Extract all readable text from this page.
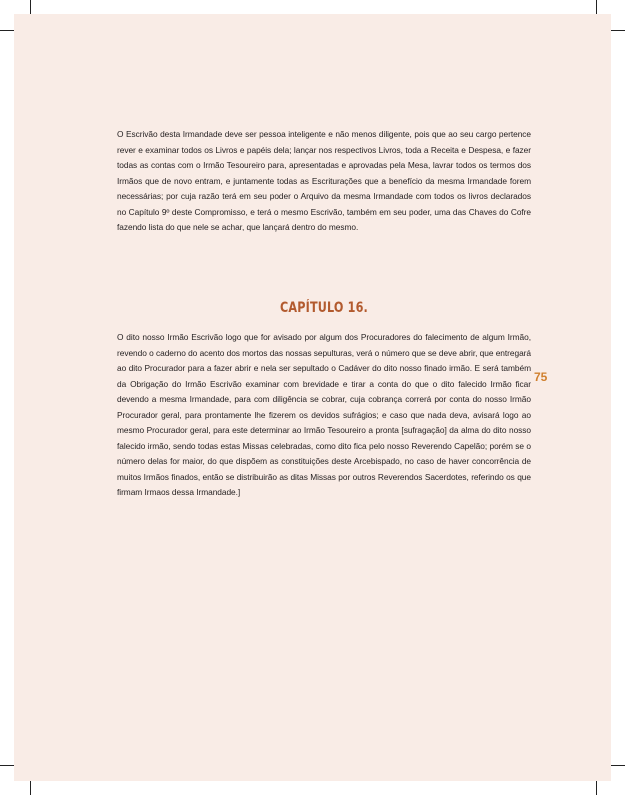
O Escrivão desta Irmandade deve ser pessoa inteligente e não menos diligente, pois que ao seu cargo pertence rever e examinar todos os Livros e papéis dela; lançar nos respectivos Livros, toda a Receita e Despesa, e fazer todas as contas com o Irmão Tesoureiro para, apresentadas e aprovadas pela Mesa, lavrar todos os termos dos Irmãos que de novo entram, e juntamente todas as Escriturações que a benefício da mesma Irmandade forem necessárias; por cuja razão terá em seu poder o Arquivo da mesma Irmandade com todos os livros declarados no Capítulo 9º deste Compromisso, e terá o mesmo Escrivão, também em seu poder, uma das Chaves do Cofre fazendo lista do que nele se achar, que lançará dentro do mesmo.

CAPÍTULO 16.

O dito nosso Irmão Escrivão logo que for avisado por algum dos Procuradores do falecimento de algum Irmão, revendo o caderno do acento dos mortos das nossas sepulturas, verá o número que se deve abrir, que entregará ao dito Procurador para a fazer abrir e nela ser sepultado o Cadáver do dito nosso finado irmão. E será também da Obrigação do Irmão Escrivão examinar com brevidade e tirar a conta do que o dito falecido Irmão ficar devendo a mesma Irmandade, para com diligência se cobrar, cuja cobrança correrá por conta do nosso Irmão Procurador geral, para prontamente lhe fizerem os devidos sufrágios; e caso que nada deva, avisará logo ao mesmo Procurador geral, para este determinar ao Irmão Tesoureiro a pronta [sufragação] da alma do dito nosso falecido irmão, sendo todas estas Missas celebradas, como dito fica pelo nosso Reverendo Capelão; porém se o número delas for maior, do que dispõem as constituições deste Arcebispado, no caso de haver concorrência de muitos Irmãos finados, então se distribuirão as ditas Missas por outros Reverendos Sacerdotes, referindo os que firmam Irmaos dessa Irmandade.]

75
